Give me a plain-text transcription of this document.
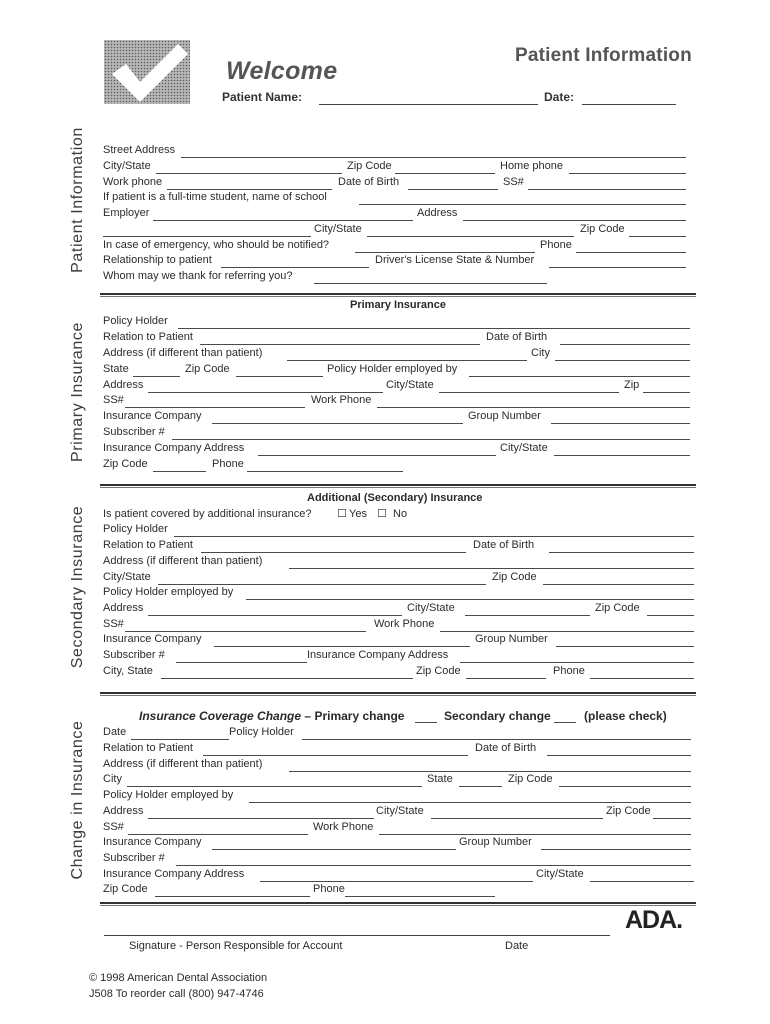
Welcome
Patient Information
Patient Name:	Date:
Patient Information
Primary Insurance
Secondary Insurance
Change in Insurance
Street Address
City/State	Zip Code	Home phone
Work phone	Date of Birth	SS#
If patient is a full-time student, name of school
Employer	Address
City/State	Zip Code
In case of emergency, who should be notified?	Phone
Relationship to patient	Driver's License State & Number
Whom may we thank for referring you?
Primary Insurance
Policy Holder
Relation to Patient	Date of Birth
Address (if different than patient)	City
State	Zip Code	Policy Holder employed by
Address	City/State	Zip
SS#	Work Phone
Insurance Company	Group Number
Subscriber #
Insurance Company Address	City/State
Zip Code	Phone
Additional (Secondary) Insurance
Is patient covered by additional insurance? ☐ Yes ☐ No
Policy Holder
Relation to Patient	Date of Birth
Address (if different than patient)
City/State	Zip Code
Policy Holder employed by
Address	City/State	Zip Code
SS#	Work Phone
Insurance Company	Group Number
Subscriber #	Insurance Company Address
City, State	Zip Code	Phone
Insurance Coverage Change – Primary change	Secondary change	(please check)
Date	Policy Holder
Relation to Patient	Date of Birth
Address (if different than patient)
City	State	Zip Code
Policy Holder employed by
Address	City/State	Zip Code
SS#	Work Phone
Insurance Company	Group Number
Subscriber #
Insurance Company Address	City/State
Zip Code	Phone
ADA.
Signature - Person Responsible for Account	Date
© 1998 American Dental Association
J508 To reorder call (800) 947-4746
